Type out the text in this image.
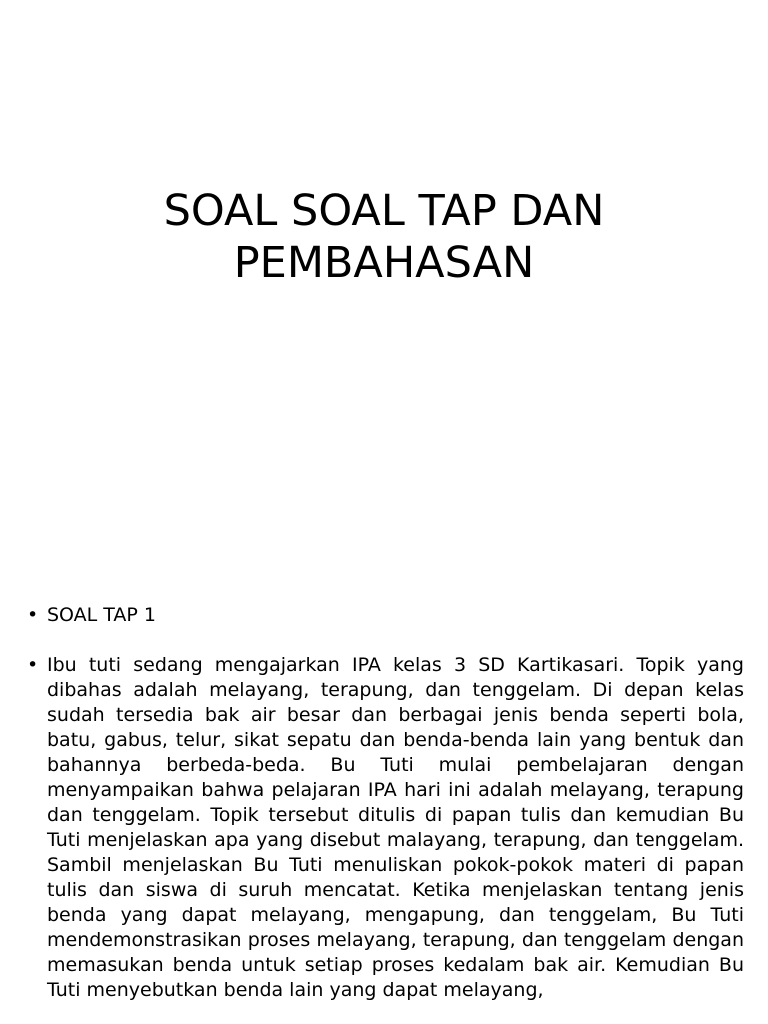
SOAL SOAL TAP DAN
PEMBAHASAN
• SOAL TAP 1
• Ibu tuti sedang mengajarkan IPA kelas 3 SD Kartikasari. Topik yang dibahas adalah melayang, terapung, dan tenggelam. Di depan kelas sudah tersedia bak air besar dan berbagai jenis benda seperti bola, batu, gabus, telur, sikat sepatu dan benda-benda lain yang bentuk dan bahannya berbeda-beda. Bu Tuti mulai pembelajaran dengan menyampaikan bahwa pelajaran IPA hari ini adalah melayang, terapung dan tenggelam. Topik tersebut ditulis di papan tulis dan kemudian Bu Tuti menjelaskan apa yang disebut malayang, terapung, dan tenggelam. Sambil menjelaskan Bu Tuti menuliskan pokok-pokok materi di papan tulis dan siswa di suruh mencatat. Ketika menjelaskan tentang jenis benda yang dapat melayang, mengapung, dan tenggelam, Bu Tuti mendemonstrasikan proses melayang, terapung, dan tenggelam dengan memasukan benda untuk setiap proses kedalam bak air. Kemudian Bu Tuti menyebutkan benda lain yang dapat melayang,
